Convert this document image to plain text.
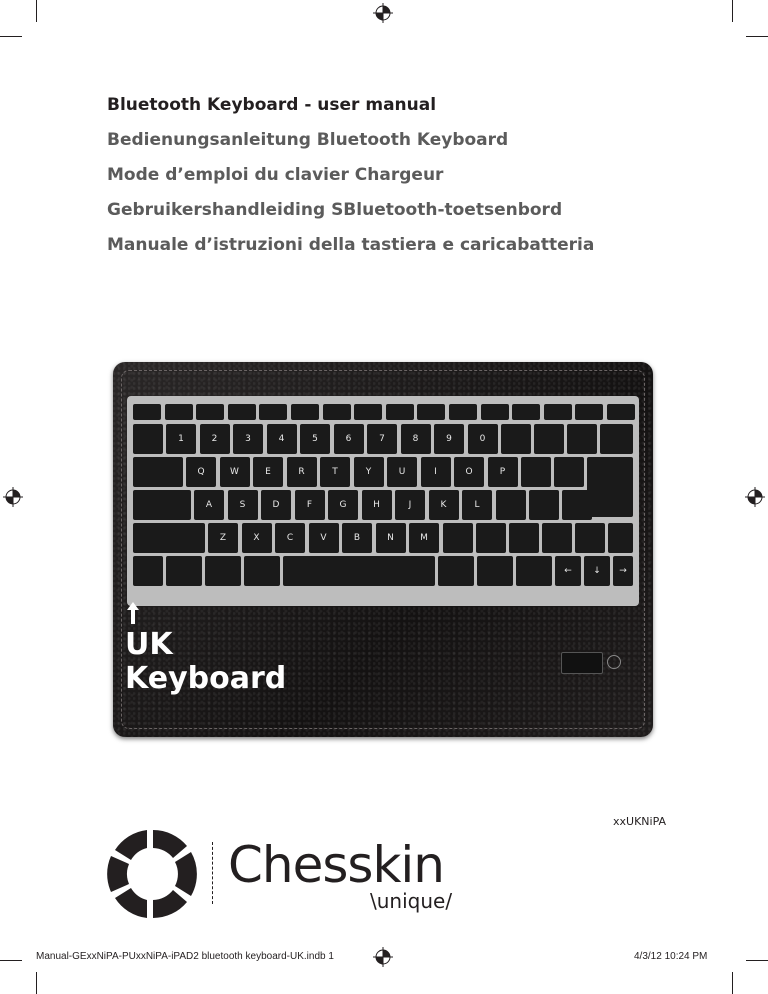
Bluetooth Keyboard - user manual
Bedienungsanleitung Bluetooth Keyboard
Mode d’emploi du clavier Chargeur
Gebruikershandleiding SBluetooth-toetsenbord
Manuale d’istruzioni della tastiera e caricabatteria
1	2	3	4	5	6	7	8	9	0
Q	W	E	R	T	Y	U	I	O	P
A	S	D	F	G	H	J	K	L
Z	X	C	V	B	N	M
←	↓	→
UK
Keyboard
xxUKNiPA
Chesskin
\unique/
Manual-GExxNiPA-PUxxNiPA-iPAD2 bluetooth keyboard-UK.indb 1	4/3/12 10:24 PM
